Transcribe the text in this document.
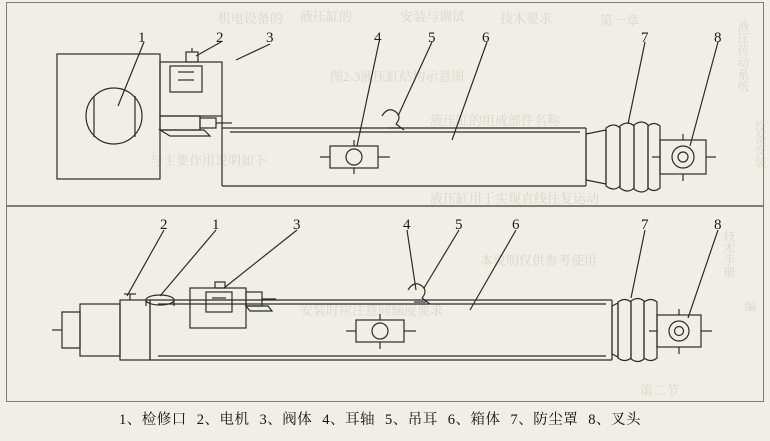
机电设备的 液压缸的	安装与调试	技术要求	第一章
图2-3液压缸结构示意图
液压缸的组成部件名称
与主要作用说明如下
液压缸用于实现直线往复运动
本说明仅供参考使用
安装时应注意同轴度要求
第二节
液压传动系统
设备安装
技术手册
编
1	2	3	4	5	6	7	8
2	1	3	4	5	6	7	8
1、检修口 2、电机 3、阀体 4、耳轴 5、吊耳 6、箱体 7、防尘罩 8、叉头
